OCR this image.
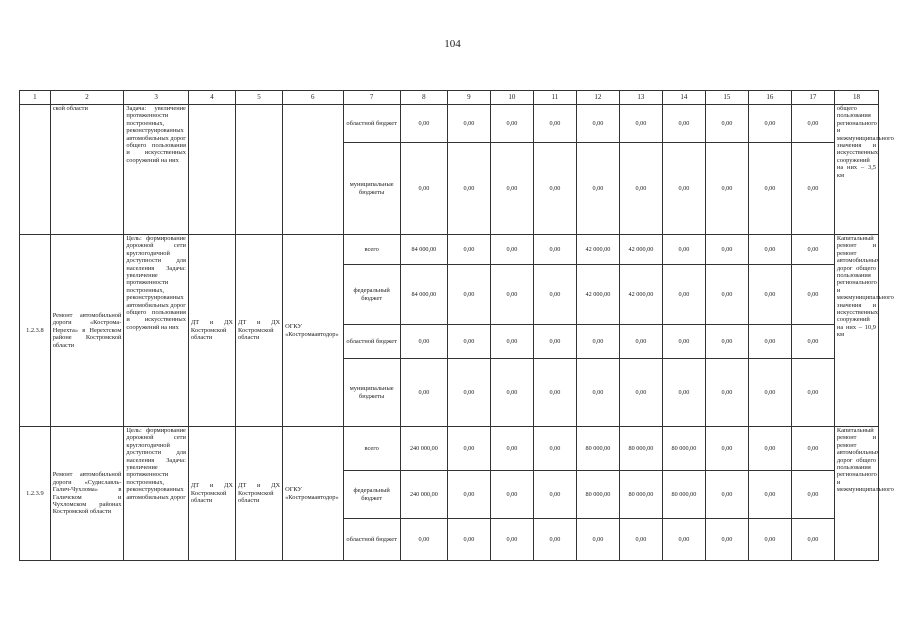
104
1	2	3	4	5	6	7	8	9	10	11	12	13	14	15	16	17	18
	ской области	Задача: увеличение протяженности построенных, реконструированных автомобильных дорог общего пользования и искусственных сооружений на них				областной бюджет	0,00	0,00	0,00	0,00	0,00	0,00	0,00	0,00	0,00	0,00	общего пользования регионального и межмуниципального значения и искусственных сооружений на них – 3,5 км
						муниципальные бюджеты	0,00	0,00	0,00	0,00	0,00	0,00	0,00	0,00	0,00	0,00	
1.2.3.8	Ремонт автомобильной дороги «Кострома-Нерехта» в Нерехтском районе Костромской области	Цель: формирование дорожной сети круглогодичной доступности для населения Задача: увеличение протяженности построенных, реконструированных автомобильных дорог общего пользования и искусственных сооружений на них	ДТ и ДХ Костромской области	ДТ и ДХ Костромской области	ОГКУ «Костромаавтодор»	всего	84 000,00	0,00	0,00	0,00	42 000,00	42 000,00	0,00	0,00	0,00	0,00	Капитальный ремонт и ремонт автомобильных дорог общего пользования регионального и межмуниципального значения и искусственных сооружений на них – 10,9 км
						федеральный бюджет	84 000,00	0,00	0,00	0,00	42 000,00	42 000,00	0,00	0,00	0,00	0,00	
						областной бюджет	0,00	0,00	0,00	0,00	0,00	0,00	0,00	0,00	0,00	0,00	
						муниципальные бюджеты	0,00	0,00	0,00	0,00	0,00	0,00	0,00	0,00	0,00	0,00	
1.2.3.9	Ремонт автомобильной дороги «Судиславль-Галич-Чухлома» в Галичском и Чухломском районах Костромской области	Цель: формирование дорожной сети круглогодичной доступности для населения Задача: увеличение протяженности построенных, реконструированных автомобильных дорог	ДТ и ДХ Костромской области	ДТ и ДХ Костромской области	ОГКУ «Костромаавтодор»	всего	240 000,00	0,00	0,00	0,00	80 000,00	80 000,00	80 000,00	0,00	0,00	0,00	Капитальный ремонт и ремонт автомобильных дорог общего пользования регионального и межмуниципального
						федеральный бюджет	240 000,00	0,00	0,00	0,00	80 000,00	80 000,00	80 000,00	0,00	0,00	0,00	
						областной бюджет	0,00	0,00	0,00	0,00	0,00	0,00	0,00	0,00	0,00	0,00	
